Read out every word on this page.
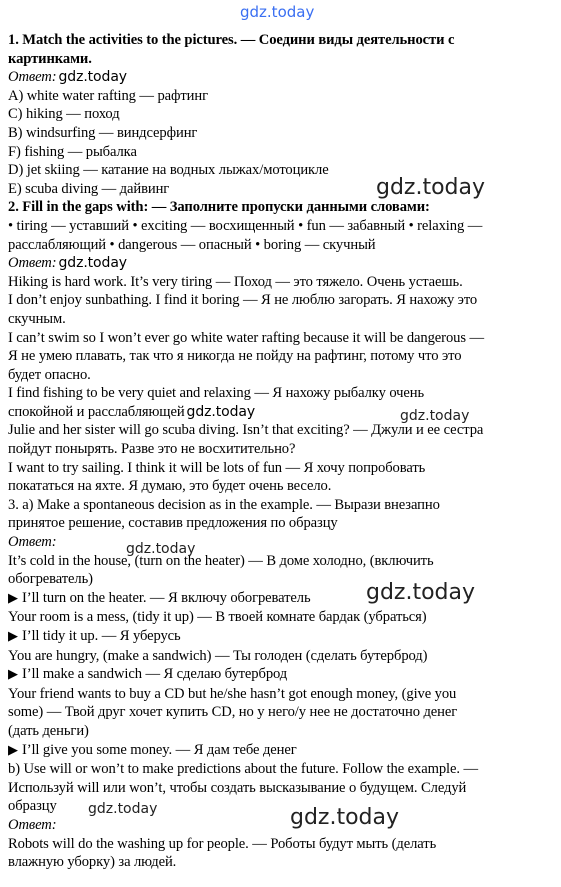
gdz.today
1. Match the activities to the pictures. — Соедини виды деятельности с
картинками.
Ответ: gdz.today
A) white water rafting — рафтинг
C) hiking — поход
B) windsurfing — виндсерфинг
F) fishing — рыбалка
D) jet skiing — катание на водных лыжах/мотоцикле
E) scuba diving — дайвинг
2. Fill in the gaps with: — Заполните пропуски данными словами:
• tiring — уставший • exciting — восхищенный • fun — забавный • relaxing —
расслабляющий • dangerous — опасный • boring — скучный
Ответ: gdz.today
Hiking is hard work. It’s very tiring — Поход — это тяжело. Очень устаешь.
I don’t enjoy sunbathing. I find it boring — Я не люблю загорать. Я нахожу это
скучным.
I can’t swim so I won’t ever go white water rafting because it will be dangerous —
Я не умею плавать, так что я никогда не пойду на рафтинг, потому что это
будет опасно.
I find fishing to be very quiet and relaxing — Я нахожу рыбалку очень
спокойной и расслабляющей gdz.today
Julie and her sister will go scuba diving. Isn’t that exciting? — Джули и ее сестра
пойдут понырять. Разве это не восхитительно?
I want to try sailing. I think it will be lots of fun — Я хочу попробовать
покататься на яхте. Я думаю, это будет очень весело.
3. a) Make a spontaneous decision as in the example. — Вырази внезапно
принятое решение, составив предложения по образцу
Ответ:
It’s cold in the house, (turn on the heater) — В доме холодно, (включить
обогреватель)
▶ I’ll turn on the heater. — Я включу обогреватель
Your room is a mess, (tidy it up) — В твоей комнате бардак (убраться)
▶ I’ll tidy it up. — Я уберусь
You are hungry, (make a sandwich) — Ты голоден (сделать бутерброд)
▶ I’ll make a sandwich — Я сделаю бутерброд
Your friend wants to buy a CD but he/she hasn’t got enough money, (give you
some) — Твой друг хочет купить CD, но у него/у нее не достаточно денег
(дать деньги)
▶ I’ll give you some money. — Я дам тебе денег
b) Use will or won’t to make predictions about the future. Follow the example. —
Используй will или won’t, чтобы создать высказывание о будущем. Следуй
образцу
Ответ:
Robots will do the washing up for people. — Роботы будут мыть (делать
влажную уборку) за людей.
gdz.today
gdz.today
gdz.today
gdz.today
gdz.today	gdz.today
